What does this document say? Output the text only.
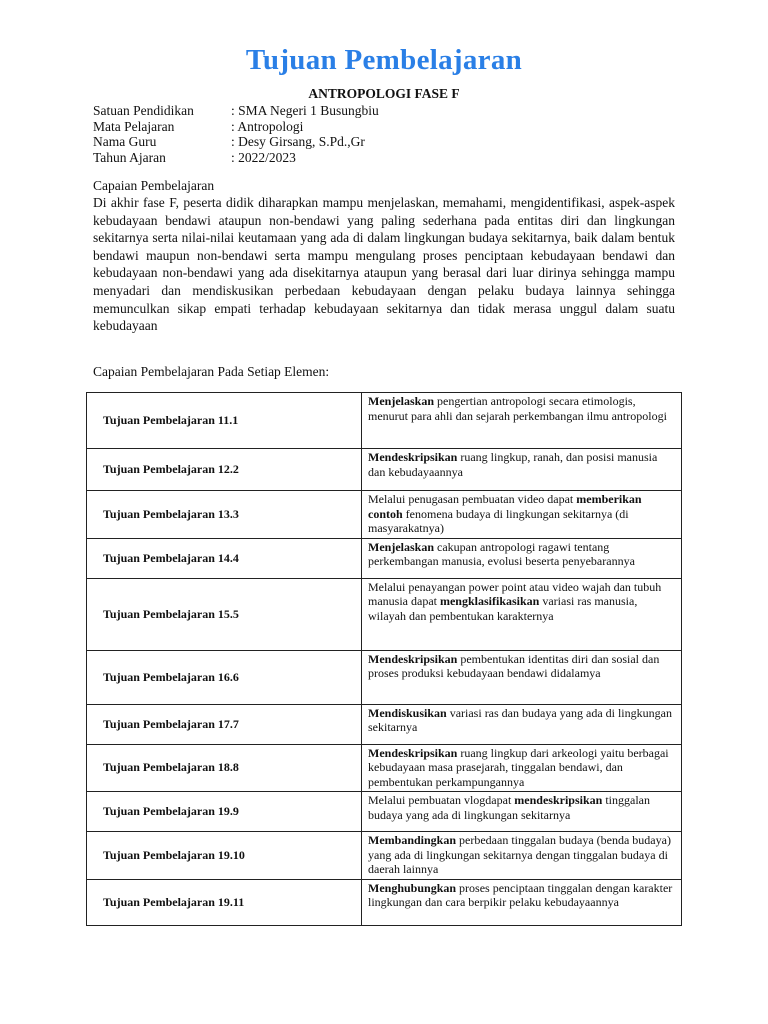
Tujuan Pembelajaran
ANTROPOLOGI FASE F
Satuan Pendidikan	: SMA Negeri 1 Busungbiu
Mata Pelajaran	: Antropologi
Nama Guru	: Desy Girsang, S.Pd.,Gr
Tahun Ajaran	: 2022/2023
Capaian Pembelajaran
Di akhir fase F, peserta didik diharapkan mampu menjelaskan, memahami, mengidentifikasi, aspek-aspek kebudayaan bendawi ataupun non-bendawi yang paling sederhana pada entitas diri dan lingkungan sekitarnya serta nilai-nilai keutamaan yang ada di dalam lingkungan budaya sekitarnya, baik dalam bentuk bendawi maupun non-bendawi serta mampu mengulang proses penciptaan kebudayaan bendawi dan kebudayaan non-bendawi yang ada disekitarnya ataupun yang berasal dari luar dirinya sehingga mampu menyadari dan mendiskusikan perbedaan kebudayaan dengan pelaku budaya lainnya sehingga memunculkan sikap empati terhadap kebudayaan sekitarnya dan tidak merasa unggul dalam suatu kebudayaan
Capaian Pembelajaran Pada Setiap Elemen:
Tujuan Pembelajaran 11.1	Menjelaskan pengertian antropologi secara etimologis, menurut para ahli dan sejarah perkembangan ilmu antropologi
Tujuan Pembelajaran 12.2	Mendeskripsikan ruang lingkup, ranah, dan posisi manusia dan kebudayaannya
Tujuan Pembelajaran 13.3	Melalui penugasan pembuatan video dapat memberikan contoh fenomena budaya di lingkungan sekitarnya (di masyarakatnya)
Tujuan Pembelajaran 14.4	Menjelaskan cakupan antropologi ragawi tentang perkembangan manusia, evolusi beserta penyebarannya
Tujuan Pembelajaran 15.5	Melalui penayangan power point atau video wajah dan tubuh manusia dapat mengklasifikasikan variasi ras manusia, wilayah dan pembentukan karakternya
Tujuan Pembelajaran 16.6	Mendeskripsikan pembentukan identitas diri dan sosial dan proses produksi kebudayaan bendawi didalamya
Tujuan Pembelajaran 17.7	Mendiskusikan variasi ras dan budaya yang ada di lingkungan sekitarnya
Tujuan Pembelajaran 18.8	Mendeskripsikan ruang lingkup dari arkeologi yaitu berbagai kebudayaan masa prasejarah, tinggalan bendawi, dan pembentukan perkampungannya
Tujuan Pembelajaran 19.9	Melalui pembuatan vlogdapat mendeskripsikan tinggalan budaya yang ada di lingkungan sekitarnya
Tujuan Pembelajaran 19.10	Membandingkan perbedaan tinggalan budaya (benda budaya) yang ada di lingkungan sekitarnya dengan tinggalan budaya di daerah lainnya
Tujuan Pembelajaran 19.11	Menghubungkan proses penciptaan tinggalan dengan karakter lingkungan dan cara berpikir pelaku kebudayaannya
